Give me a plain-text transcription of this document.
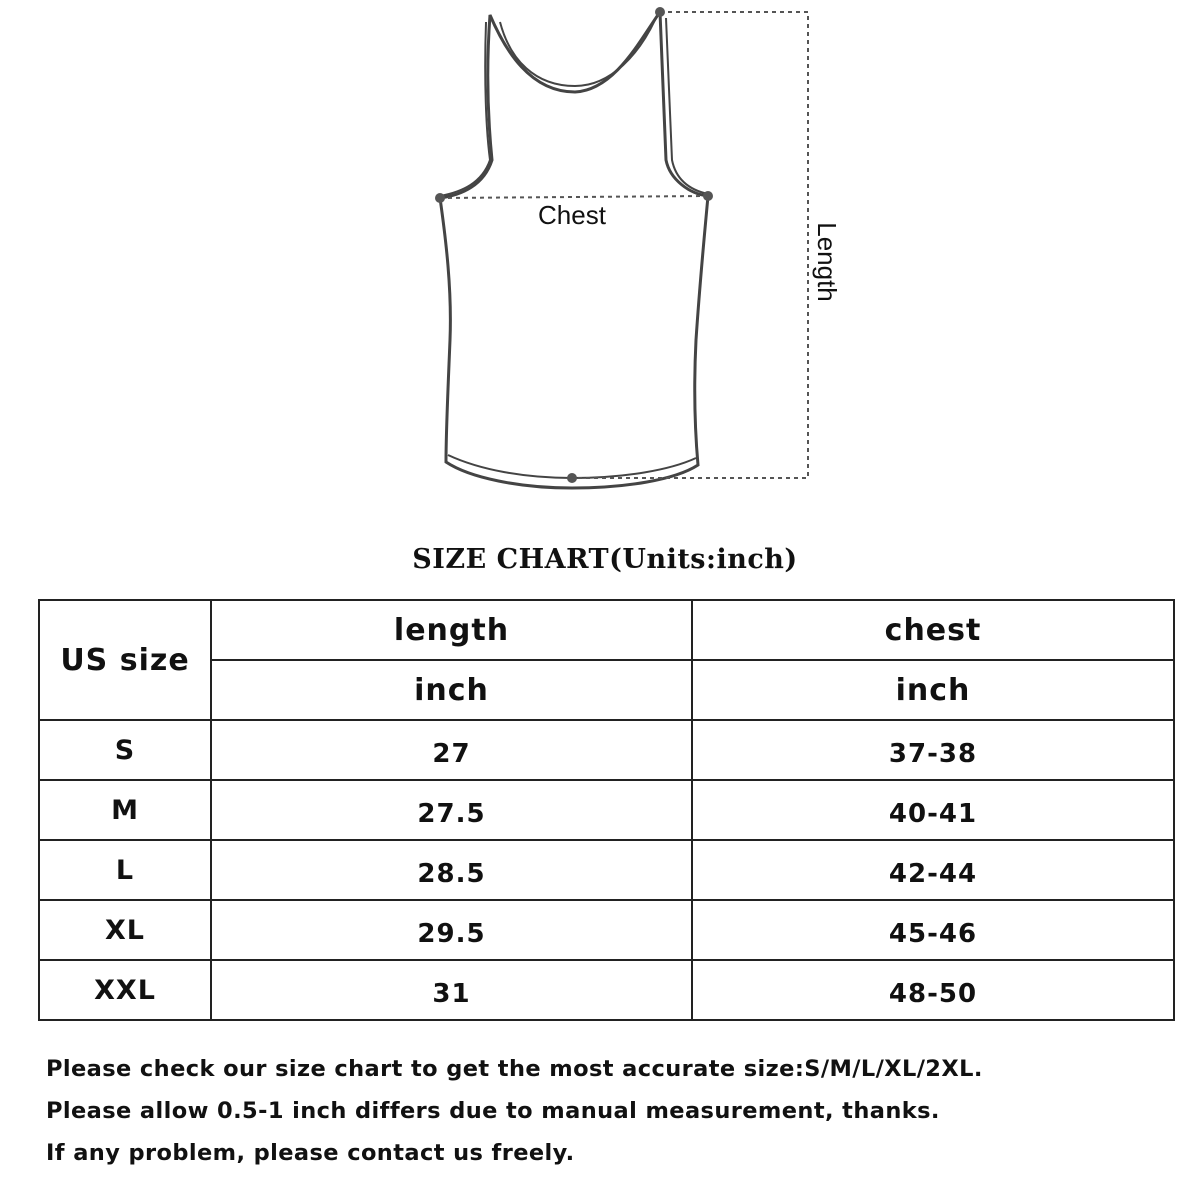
Chest
Length
SIZE CHART(Units:inch)
US size	length	chest
	inch	inch
S	27	37-38
M	27.5	40-41
L	28.5	42-44
XL	29.5	45-46
XXL	31	48-50
Please check our size chart to get the most accurate size:S/M/L/XL/2XL.
Please allow 0.5-1 inch differs due to manual measurement, thanks.
If any problem, please contact us freely.
